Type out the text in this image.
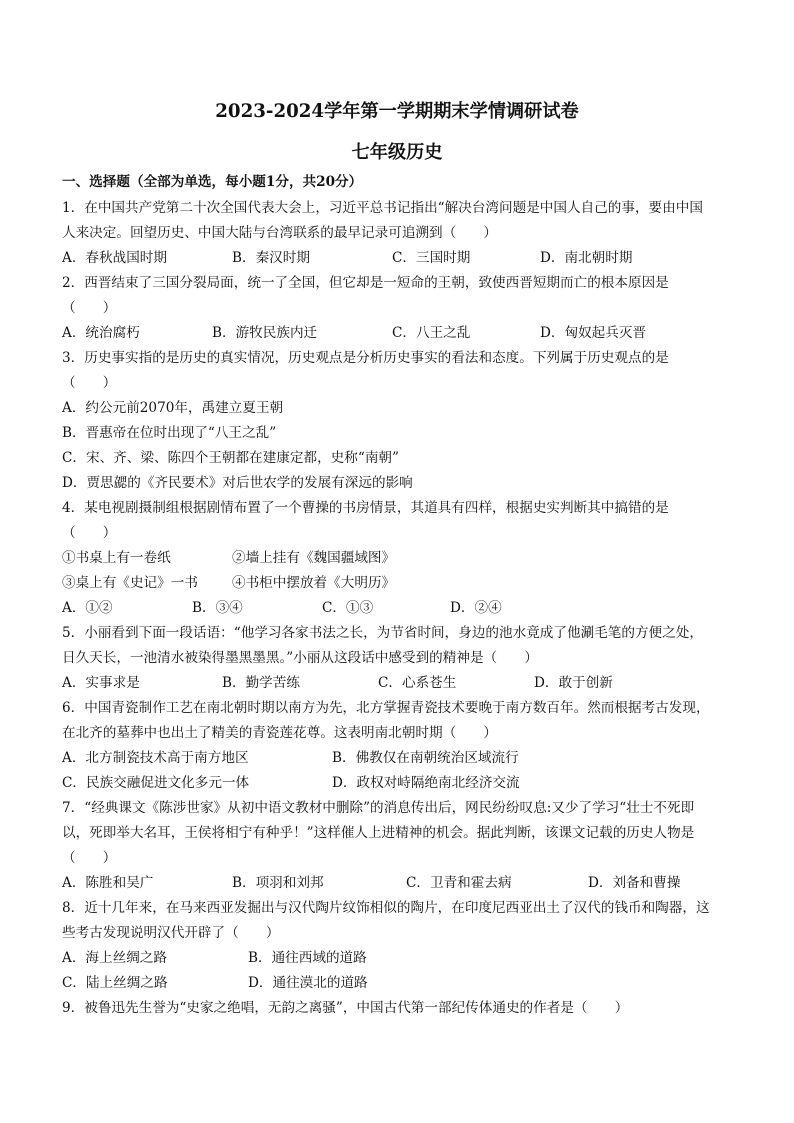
2023-2024学年第一学期期末学情调研试卷
七年级历史
一、选择题（全部为单选，每小题1分，共20分）
1．在中国共产党第二十次全国代表大会上，习近平总书记指出“解决台湾问题是中国人自己的事，要由中国
人来决定。回望历史、中国大陆与台湾联系的最早记录可追溯到（　　）
A．春秋战国时期	B．秦汉时期	C．三国时期	D．南北朝时期
2．西晋结束了三国分裂局面，统一了全国，但它却是一短命的王朝，致使西晋短期而亡的根本原因是
（　　）
A．统治腐朽	B．游牧民族内迁	C．八王之乱	D．匈奴起兵灭晋
3．历史事实指的是历史的真实情况，历史观点是分析历史事实的看法和态度。下列属于历史观点的是
（　　）
A．约公元前2070年，禹建立夏王朝
B．晋惠帝在位时出现了“八王之乱”
C．宋、齐、梁、陈四个王朝都在建康定都，史称“南朝”
D．贾思勰的《齐民要术》对后世农学的发展有深远的影响
4．某电视剧摄制组根据剧情布置了一个曹操的书房情景，其道具有四样，根据史实判断其中搞错的是
（　　）
①书桌上有一卷纸	②墙上挂有《魏国疆域图》
③桌上有《史记》一书	④书柜中摆放着《大明历》
A．①②	B．③④	C．①③	D．②④
5．小丽看到下面一段话语：“他学习各家书法之长，为节省时间，身边的池水竟成了他涮毛笔的方便之处，
日久天长，一池清水被染得墨黑墨黑。”小丽从这段话中感受到的精神是（　　）
A．实事求是	B．勤学苦练	C．心系苍生	D．敢于创新
6．中国青瓷制作工艺在南北朝时期以南方为先，北方掌握青瓷技术要晚于南方数百年。然而根据考古发现，
在北齐的墓葬中也出土了精美的青瓷莲花尊。这表明南北朝时期（　　）
A．北方制瓷技术高于南方地区	B．佛教仅在南朝统治区域流行
C．民族交融促进文化多元一体	D．政权对峙隔绝南北经济交流
7．“经典课文《陈涉世家》从初中语文教材中删除”的消息传出后，网民纷纷叹息:又少了学习“壮士不死即
以，死即举大名耳，王侯将相宁有种乎！”这样催人上进精神的机会。据此判断，该课文记载的历史人物是
（　　）
A．陈胜和吴广	B．项羽和刘邦	C．卫青和霍去病	D．刘备和曹操
8．近十几年来，在马来西亚发掘出与汉代陶片纹饰相似的陶片，在印度尼西亚出土了汉代的钱币和陶器，这
些考古发现说明汉代开辟了（　　）
A．海上丝绸之路	B．通往西域的道路
C．陆上丝绸之路	D．通往漠北的道路
9．被鲁迅先生誉为“史家之绝唱，无韵之离骚”，中国古代第一部纪传体通史的作者是（　　）
